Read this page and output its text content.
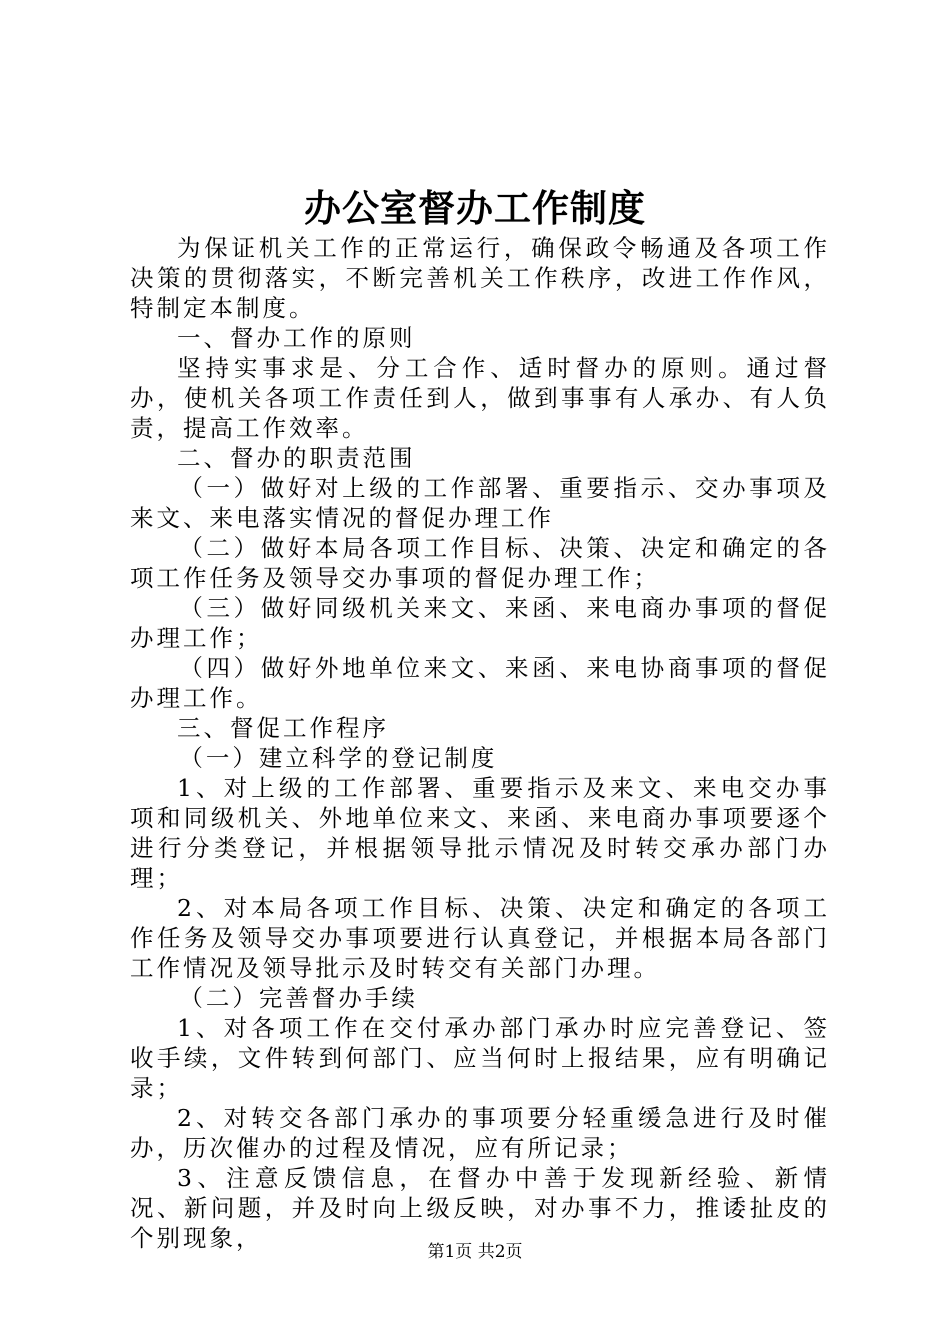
办公室督办工作制度

为保证机关工作的正常运行，确保政令畅通及各项工作决策的贯彻落实，不断完善机关工作秩序，改进工作作风，特制定本制度。

一、督办工作的原则

坚持实事求是、分工合作、适时督办的原则。通过督办，使机关各项工作责任到人，做到事事有人承办、有人负责，提高工作效率。

二、督办的职责范围

（一）做好对上级的工作部署、重要指示、交办事项及来文、来电落实情况的督促办理工作

（二）做好本局各项工作目标、决策、决定和确定的各项工作任务及领导交办事项的督促办理工作；

（三）做好同级机关来文、来函、来电商办事项的督促办理工作；

（四）做好外地单位来文、来函、来电协商事项的督促办理工作。

三、督促工作程序

（一）建立科学的登记制度

1、对上级的工作部署、重要指示及来文、来电交办事项和同级机关、外地单位来文、来函、来电商办事项要逐个进行分类登记，并根据领导批示情况及时转交承办部门办理；

2、对本局各项工作目标、决策、决定和确定的各项工作任务及领导交办事项要进行认真登记，并根据本局各部门工作情况及领导批示及时转交有关部门办理。

（二）完善督办手续

1、对各项工作在交付承办部门承办时应完善登记、签收手续，文件转到何部门、应当何时上报结果，应有明确记录；

2、对转交各部门承办的事项要分轻重缓急进行及时催办，历次催办的过程及情况，应有所记录；

3、注意反馈信息，在督办中善于发现新经验、新情况、新问题，并及时向上级反映，对办事不力，推诿扯皮的个别现象，	第1页 共2页
